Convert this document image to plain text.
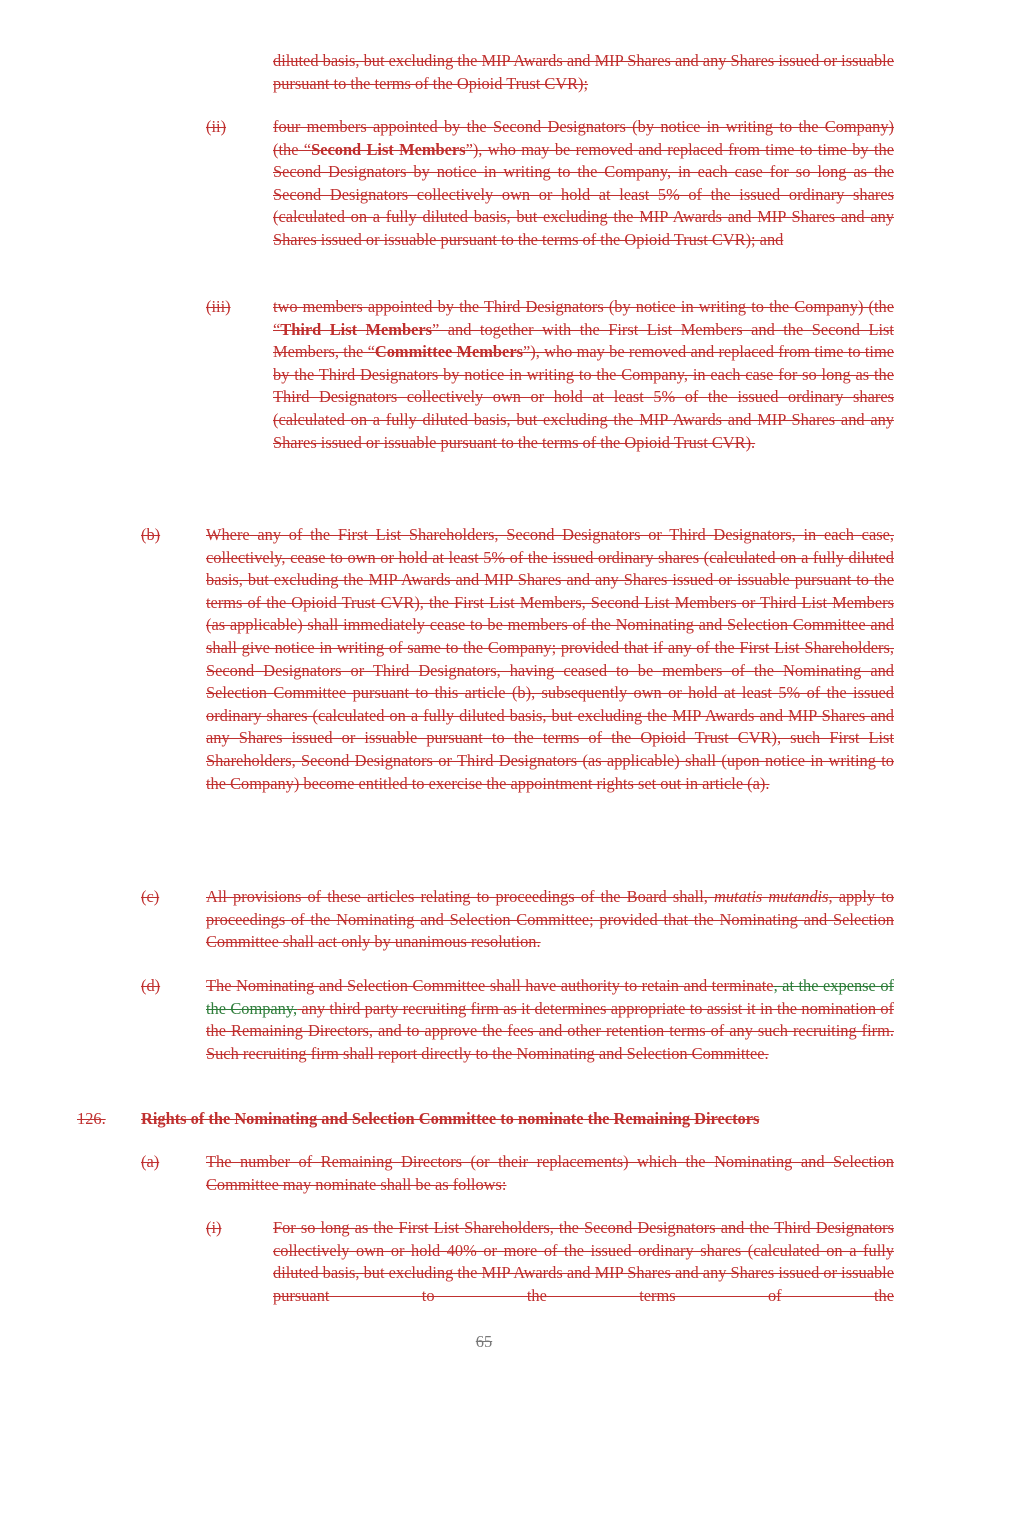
diluted basis, but excluding the MIP Awards and MIP Shares and any Shares issued or issuable pursuant to the terms of the Opioid Trust CVR);
(ii)	four members appointed by the Second Designators (by notice in writing to the Company) (the “Second List Members”), who may be removed and replaced from time to time by the Second Designators by notice in writing to the Company, in each case for so long as the Second Designators collectively own or hold at least 5% of the issued ordinary shares (calculated on a fully diluted basis, but excluding the MIP Awards and MIP Shares and any Shares issued or issuable pursuant to the terms of the Opioid Trust CVR); and
(iii)	two members appointed by the Third Designators (by notice in writing to the Company) (the “Third List Members” and together with the First List Members and the Second List Members, the “Committee Members”), who may be removed and replaced from time to time by the Third Designators by notice in writing to the Company, in each case for so long as the Third Designators collectively own or hold at least 5% of the issued ordinary shares (calculated on a fully diluted basis, but excluding the MIP Awards and MIP Shares and any Shares issued or issuable pursuant to the terms of the Opioid Trust CVR).
(b)	Where any of the First List Shareholders, Second Designators or Third Designators, in each case, collectively, cease to own or hold at least 5% of the issued ordinary shares (calculated on a fully diluted basis, but excluding the MIP Awards and MIP Shares and any Shares issued or issuable pursuant to the terms of the Opioid Trust CVR), the First List Members, Second List Members or Third List Members (as applicable) shall immediately cease to be members of the Nominating and Selection Committee and shall give notice in writing of same to the Company; provided that if any of the First List Shareholders, Second Designators or Third Designators, having ceased to be members of the Nominating and Selection Committee pursuant to this article (b), subsequently own or hold at least 5% of the issued ordinary shares (calculated on a fully diluted basis, but excluding the MIP Awards and MIP Shares and any Shares issued or issuable pursuant to the terms of the Opioid Trust CVR), such First List Shareholders, Second Designators or Third Designators (as applicable) shall (upon notice in writing to the Company) become entitled to exercise the appointment rights set out in article (a).
(c)	All provisions of these articles relating to proceedings of the Board shall, mutatis mutandis, apply to proceedings of the Nominating and Selection Committee; provided that the Nominating and Selection Committee shall act only by unanimous resolution.
(d)	The Nominating and Selection Committee shall have authority to retain and terminate, at the expense of the Company, any third party recruiting firm as it determines appropriate to assist it in the nomination of the Remaining Directors, and to approve the fees and other retention terms of any such recruiting firm. Such recruiting firm shall report directly to the Nominating and Selection Committee.
126. Rights of the Nominating and Selection Committee to nominate the Remaining Directors
(a)	The number of Remaining Directors (or their replacements) which the Nominating and Selection Committee may nominate shall be as follows:
(i)	For so long as the First List Shareholders, the Second Designators and the Third Designators collectively own or hold 40% or more of the issued ordinary shares (calculated on a fully diluted basis, but excluding the MIP Awards and MIP Shares and any Shares issued or issuable pursuant to the terms of the
65
